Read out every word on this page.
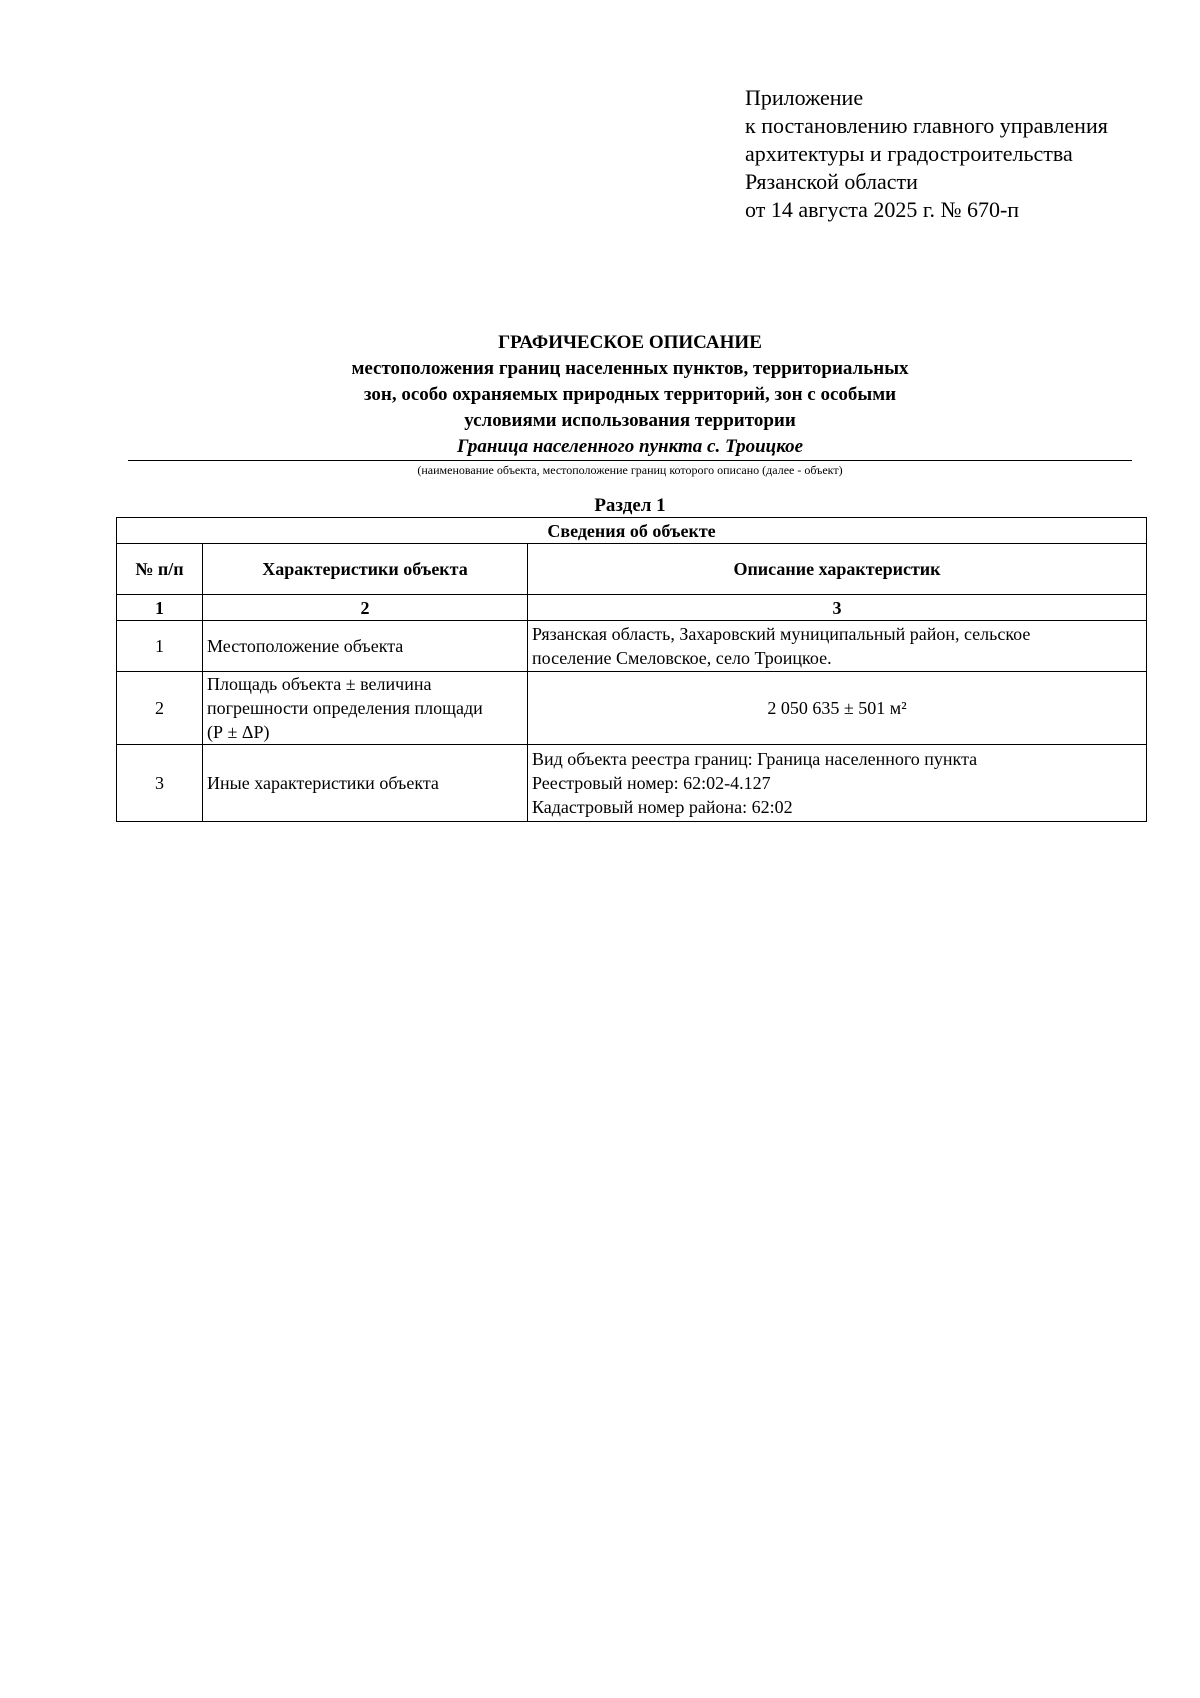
Приложение
к постановлению главного управления
архитектуры и градостроительства
Рязанской области
от 14 августа 2025 г. № 670-п
ГРАФИЧЕСКОЕ ОПИСАНИЕ
местоположения границ населенных пунктов, территориальных
зон, особо охраняемых природных территорий, зон с особыми
условиями использования территории
Граница населенного пункта с. Троицкое
(наименование объекта, местоположение границ которого описано (далее - объект)
Раздел 1
Сведения об объекте		
№ п/п	Характеристики объекта	Описание характеристик
1	2	3
1	Местоположение объекта	Рязанская область, Захаровский муниципальный район, сельское
поселение Смеловское, село Троицкое.

2	Площадь объекта ± величина
погрешности определения площади
(Р ± ΔР)	2 050 635 ± 501 м²
3	Иные характеристики объекта	Вид объекта реестра границ: Граница населенного пункта
Реестровый номер: 62:02-4.127
Кадастровый номер района: 62:02
